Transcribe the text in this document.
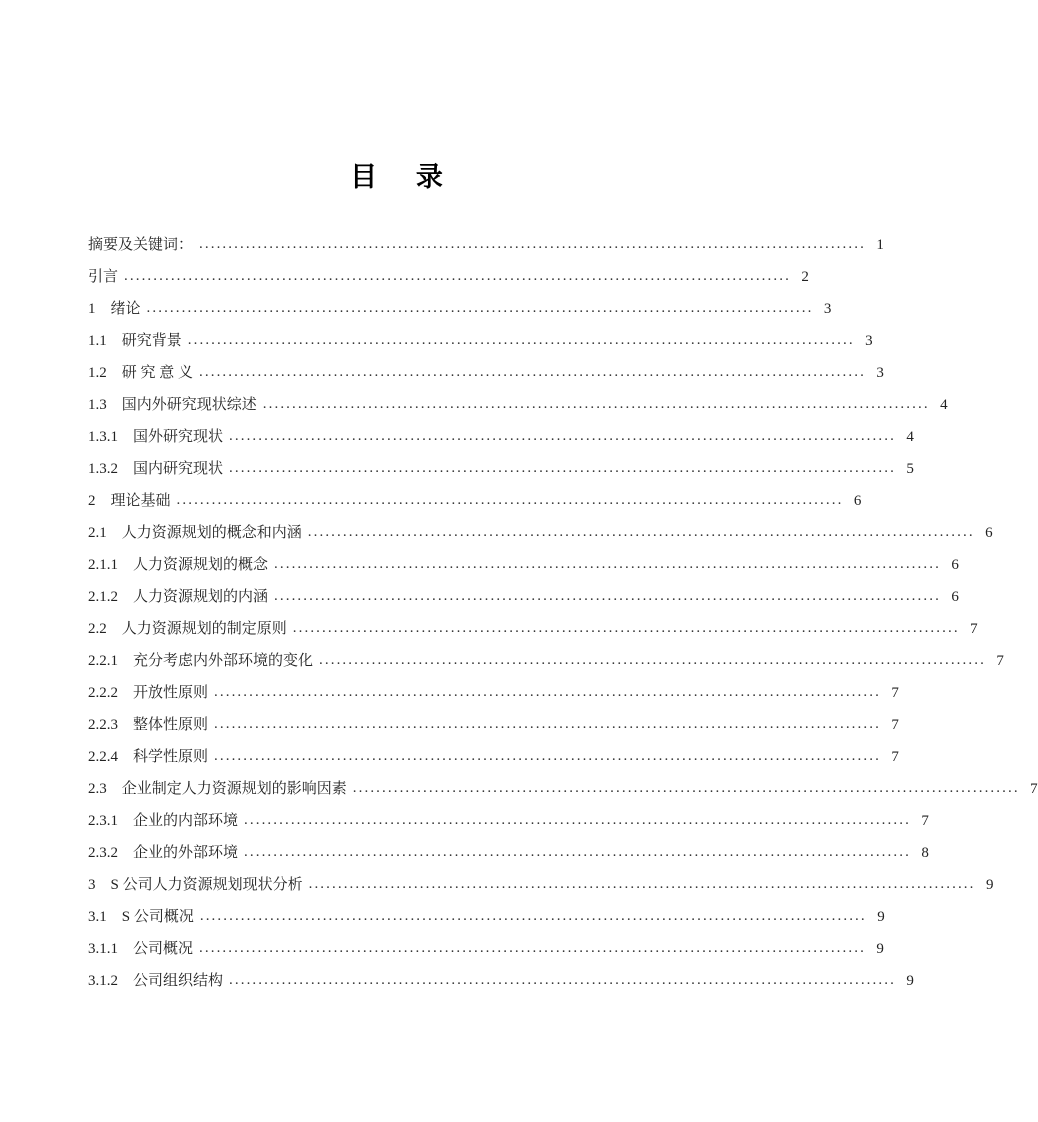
目 录
摘要及关键词： .................................................................................................................. 1
引言 .................................................................................................................. 2
1
  绪论 .................................................................................................................. 3
1.1
  研究背景 .................................................................................................................. 3
1.2
  研 究 意 义 .................................................................................................................. 3
1.3
  国内外研究现状综述 .................................................................................................................. 4
1.3.1
  国外研究现状 .................................................................................................................. 4
1.3.2
  国内研究现状 .................................................................................................................. 5
2
  理论基础 .................................................................................................................. 6
2.1
  人力资源规划的概念和内涵 .................................................................................................................. 6
2.1.1
  人力资源规划的概念 .................................................................................................................. 6
2.1.2
  人力资源规划的内涵 .................................................................................................................. 6
2.2
  人力资源规划的制定原则 .................................................................................................................. 7
2.2.1
  充分考虑内外部环境的变化 .................................................................................................................. 7
2.2.2
  开放性原则 .................................................................................................................. 7
2.2.3
  整体性原则 .................................................................................................................. 7
2.2.4
  科学性原则 .................................................................................................................. 7
2.3
  企业制定人力资源规划的影响因素 .................................................................................................................. 7
2.3.1
  企业的内部环境 .................................................................................................................. 7
2.3.2
  企业的外部环境 .................................................................................................................. 8
3
  S 公司人力资源规划现状分析 .................................................................................................................. 9
3.1
  S 公司概况 .................................................................................................................. 9
3.1.1
  公司概况 .................................................................................................................. 9
3.1.2
  公司组织结构 .................................................................................................................. 9
